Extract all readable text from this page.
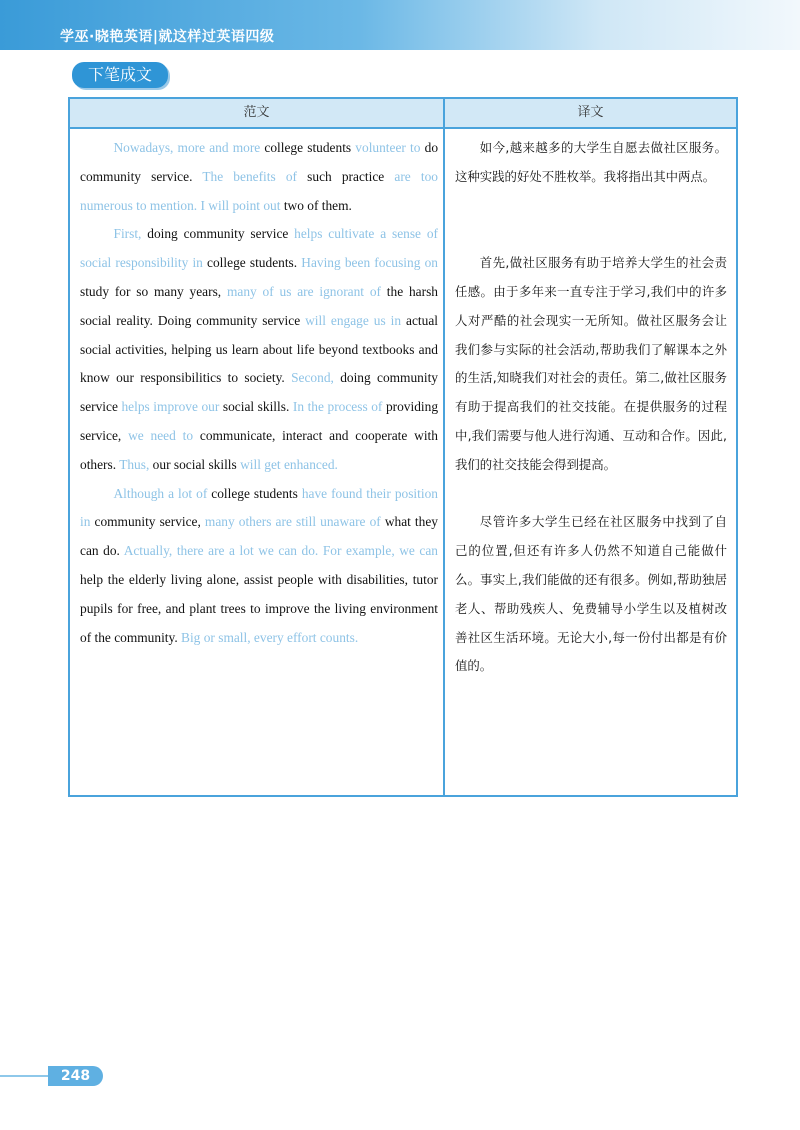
学巫·晓艳英语|就这样过英语四级
下笔成文
范文	译文

Nowadays, more and more college students volunteer to do community service. The benefits of such practice are too numerous to mention. I will point out two of them.

First, doing community service helps cultivate a sense of social responsibility in college students. Having been focusing on study for so many years, many of us are ignorant of the harsh social reality. Doing community service will engage us in actual social activities, helping us learn about life beyond textbooks and know our responsibilitics to society. Second, doing community service helps improve our social skills. In the process of providing service, we need to communicate, interact and cooperate with others. Thus, our social skills will get enhanced.

Although a lot of college students have found their position in community service, many others are still unaware of what they can do. Actually, there are a lot we can do. For example, we can help the elderly living alone, assist people with disabilities, tutor pupils for free, and plant trees to improve the living environment of the community. Big or small, every effort counts.

如今,越来越多的大学生自愿去做社区服务。这种实践的好处不胜枚举。我将指出其中两点。

首先,做社区服务有助于培养大学生的社会责任感。由于多年来一直专注于学习,我们中的许多人对严酷的社会现实一无所知。做社区服务会让我们参与实际的社会活动,帮助我们了解课本之外的生活,知晓我们对社会的责任。第二,做社区服务有助于提高我们的社交技能。在提供服务的过程中,我们需要与他人进行沟通、互动和合作。因此,我们的社交技能会得到提高。

尽管许多大学生已经在社区服务中找到了自己的位置,但还有许多人仍然不知道自己能做什么。事实上,我们能做的还有很多。例如,帮助独居老人、帮助残疾人、免费辅导小学生以及植树改善社区生活环境。无论大小,每一份付出都是有价值的。

248
